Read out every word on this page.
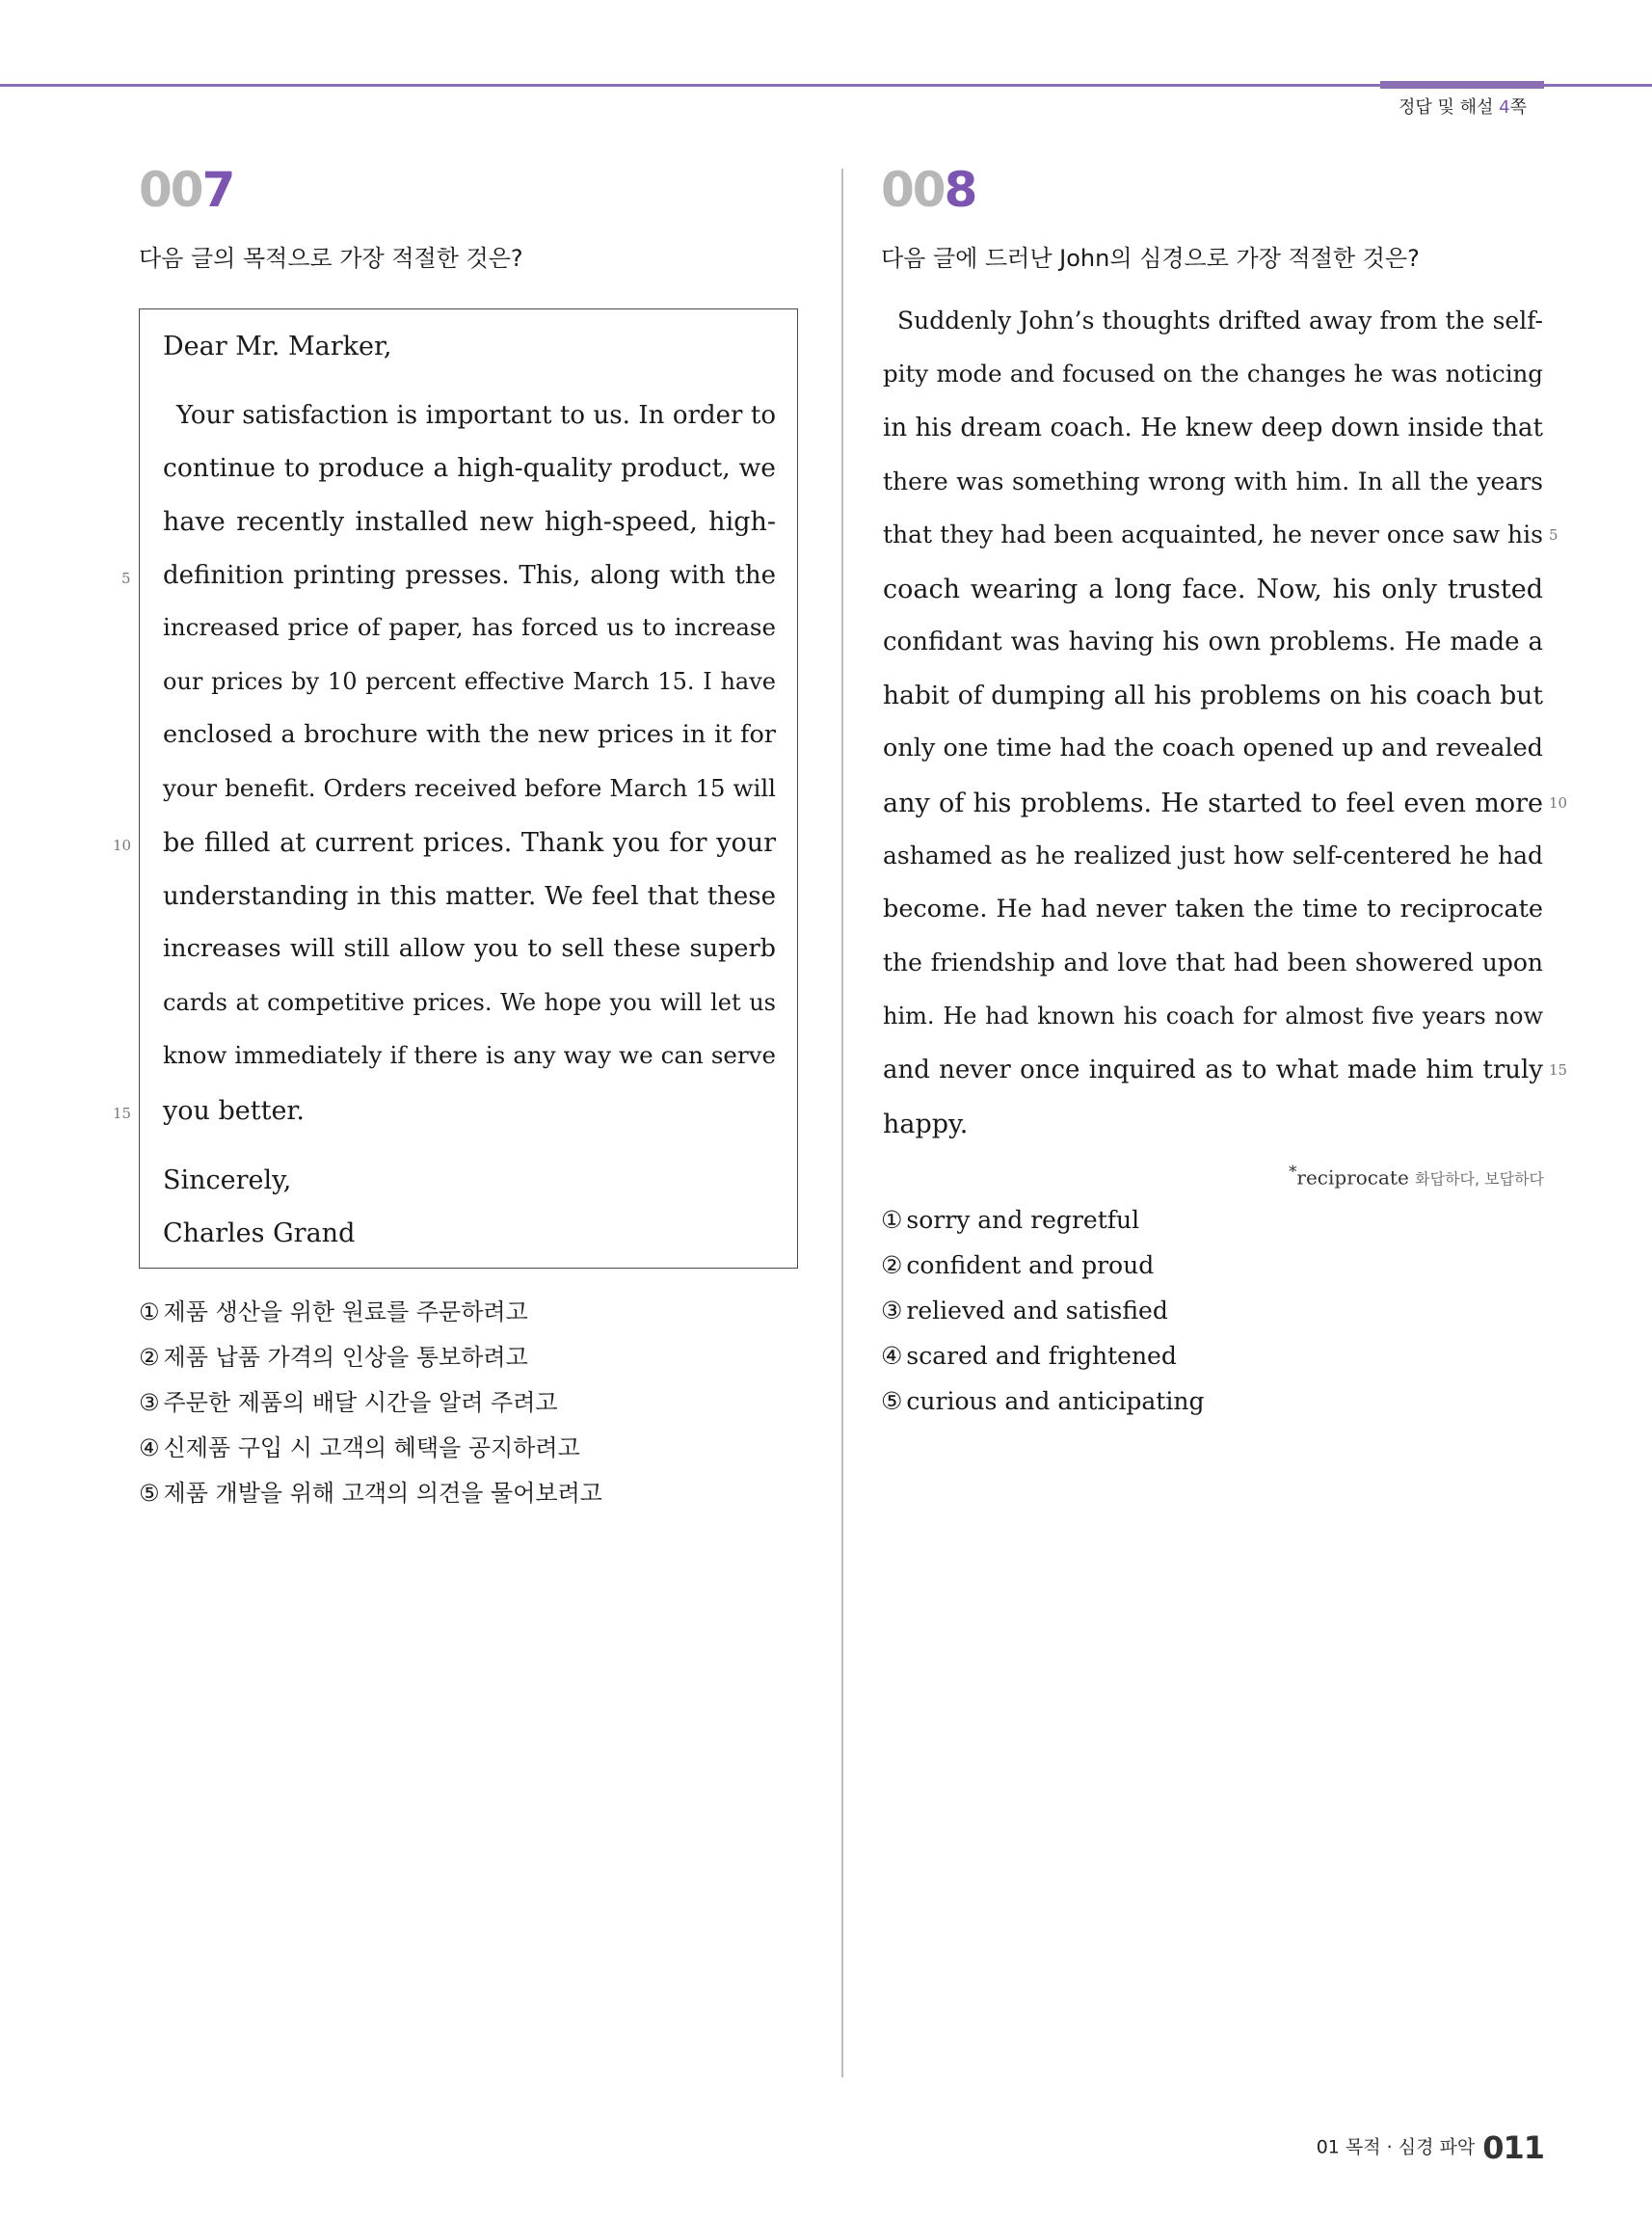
정답 및 해설 4쪽
007
다음 글의 목적으로 가장 적절한 것은?
Dear Mr. Marker,
Your satisfaction is important to us. In order to
continue to produce a high-quality product, we
have recently installed new high-speed, high-
definition printing presses. This, along with the
increased price of paper, has forced us to increase
our prices by 10 percent effective March 15. I have
enclosed a brochure with the new prices in it for
your benefit. Orders received before March 15 will
be filled at current prices. Thank you for your
understanding in this matter. We feel that these
increases will still allow you to sell these superb
cards at competitive prices. We hope you will let us
know immediately if there is any way we can serve
you better.
Sincerely,
Charles Grand
5
10
15
① 제품 생산을 위한 원료를 주문하려고
② 제품 납품 가격의 인상을 통보하려고
③ 주문한 제품의 배달 시간을 알려 주려고
④ 신제품 구입 시 고객의 혜택을 공지하려고
⑤ 제품 개발을 위해 고객의 의견을 물어보려고
008
다음 글에 드러난 John의 심경으로 가장 적절한 것은?
Suddenly John’s thoughts drifted away from the self-
pity mode and focused on the changes he was noticing
in his dream coach. He knew deep down inside that
there was something wrong with him. In all the years
that they had been acquainted, he never once saw his
coach wearing a long face. Now, his only trusted
confidant was having his own problems. He made a
habit of dumping all his problems on his coach but
only one time had the coach opened up and revealed
any of his problems. He started to feel even more
ashamed as he realized just how self-centered he had
become. He had never taken the time to reciprocate
the friendship and love that had been showered upon
him. He had known his coach for almost five years now
and never once inquired as to what made him truly
happy.
5
10
15
*reciprocate 화답하다, 보답하다
① sorry and regretful
② confident and proud
③ relieved and satisfied
④ scared and frightened
⑤ curious and anticipating
01 목적 · 심경 파악 011
